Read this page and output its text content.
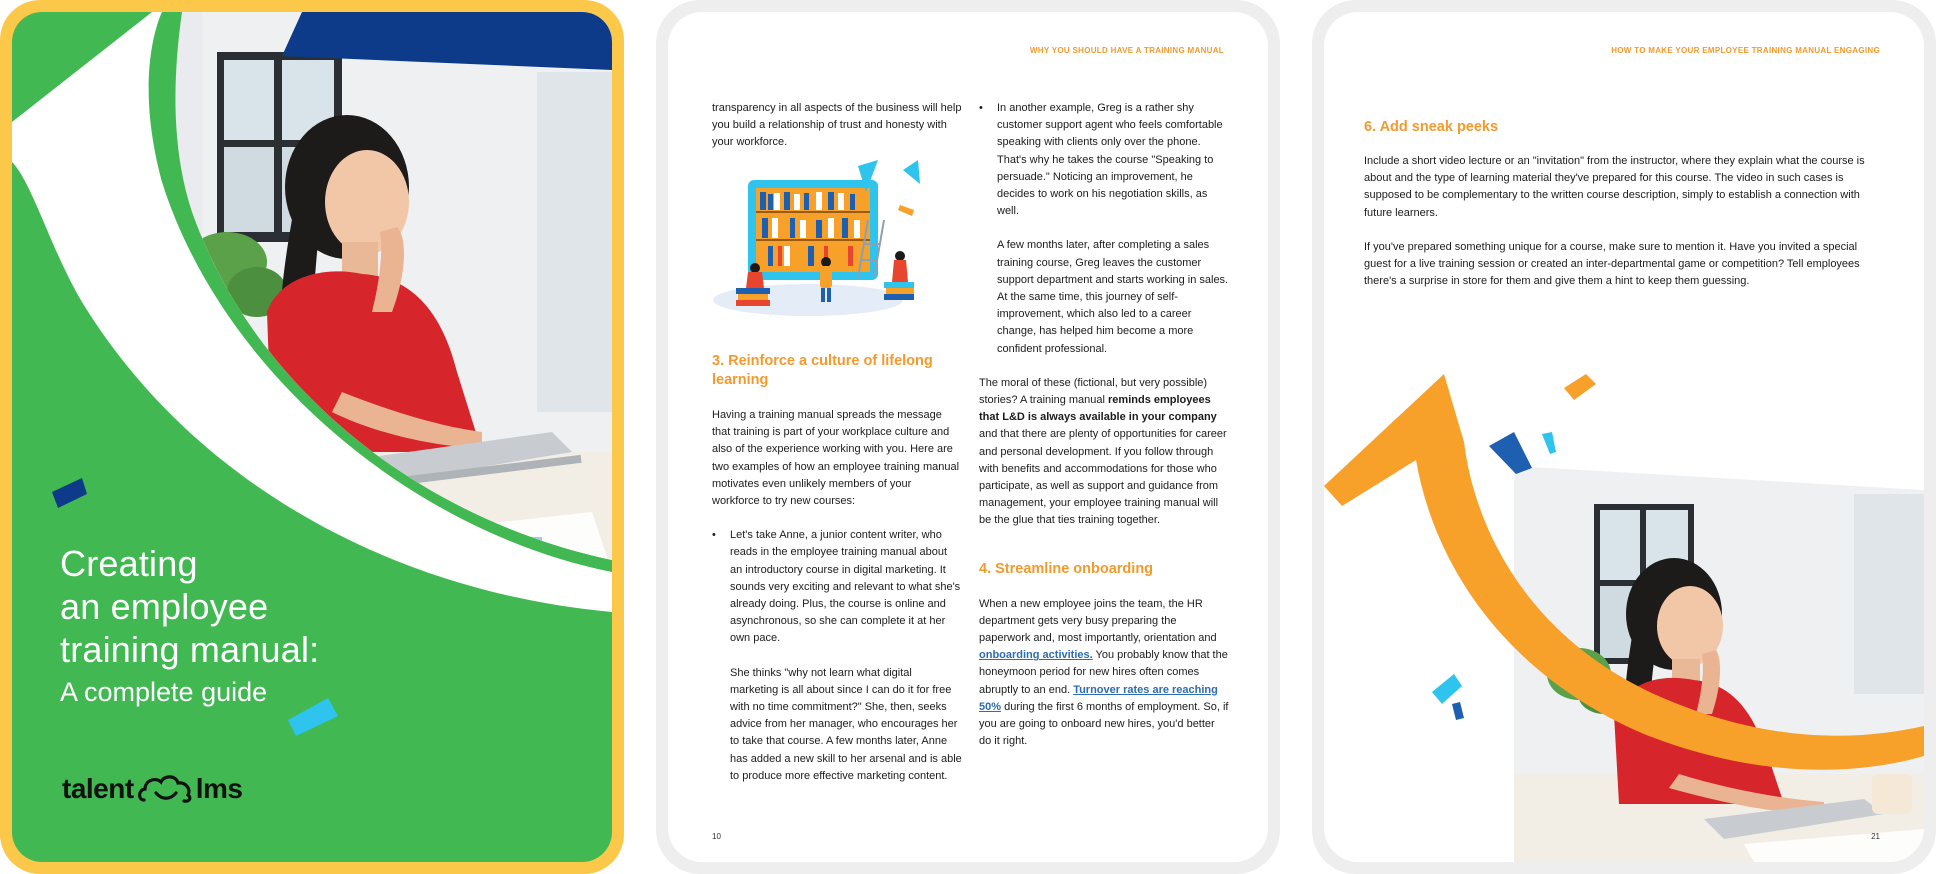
Creating
an employee
training manual:
A complete guide
talent lms
WHY YOU SHOULD HAVE A TRAINING MANUAL

transparency in all aspects of the business will help you build a relationship of trust and honesty with your workforce.

3. Reinforce a culture of lifelong learning

Having a training manual spreads the message that training is part of your workplace culture and also of the experience working with you. Here are two examples of how an employee training manual motivates even unlikely members of your workforce to try new courses:

• Let's take Anne, a junior content writer, who reads in the employee training manual about an introductory course in digital marketing. It sounds very exciting and relevant to what she's already doing. Plus, the course is online and asynchronous, so she can complete it at her own pace.

She thinks "why not learn what digital marketing is all about since I can do it for free with no time commitment?" She, then, seeks advice from her manager, who encourages her to take that course. A few months later, Anne has added a new skill to her arsenal and is able to produce more effective marketing content.

• In another example, Greg is a rather shy customer support agent who feels comfortable speaking with clients only over the phone. That's why he takes the course "Speaking to persuade." Noticing an improvement, he decides to work on his negotiation skills, as well.

A few months later, after completing a sales training course, Greg leaves the customer support department and starts working in sales. At the same time, this journey of self-improvement, which also led to a career change, has helped him become a more confident professional.

The moral of these (fictional, but very possible) stories? A training manual reminds employees that L&D is always available in your company and that there are plenty of opportunities for career and personal development. If you follow through with benefits and accommodations for those who participate, as well as support and guidance from management, your employee training manual will be the glue that ties training together.

4. Streamline onboarding

When a new employee joins the team, the HR department gets very busy preparing the paperwork and, most importantly, orientation and onboarding activities. You probably know that the honeymoon period for new hires often comes abruptly to an end. Turnover rates are reaching 50% during the first 6 months of employment. So, if you are going to onboard new hires, you'd better do it right.

10
HOW TO MAKE YOUR EMPLOYEE TRAINING MANUAL ENGAGING

6. Add sneak peeks

Include a short video lecture or an "invitation" from the instructor, where they explain what the course is about and the type of learning material they've prepared for this course. The video in such cases is supposed to be complementary to the written course description, simply to establish a connection with future learners.

If you've prepared something unique for a course, make sure to mention it. Have you invited a special guest for a live training session or created an inter-departmental game or competition? Tell employees there's a surprise in store for them and give them a hint to keep them guessing.

21
